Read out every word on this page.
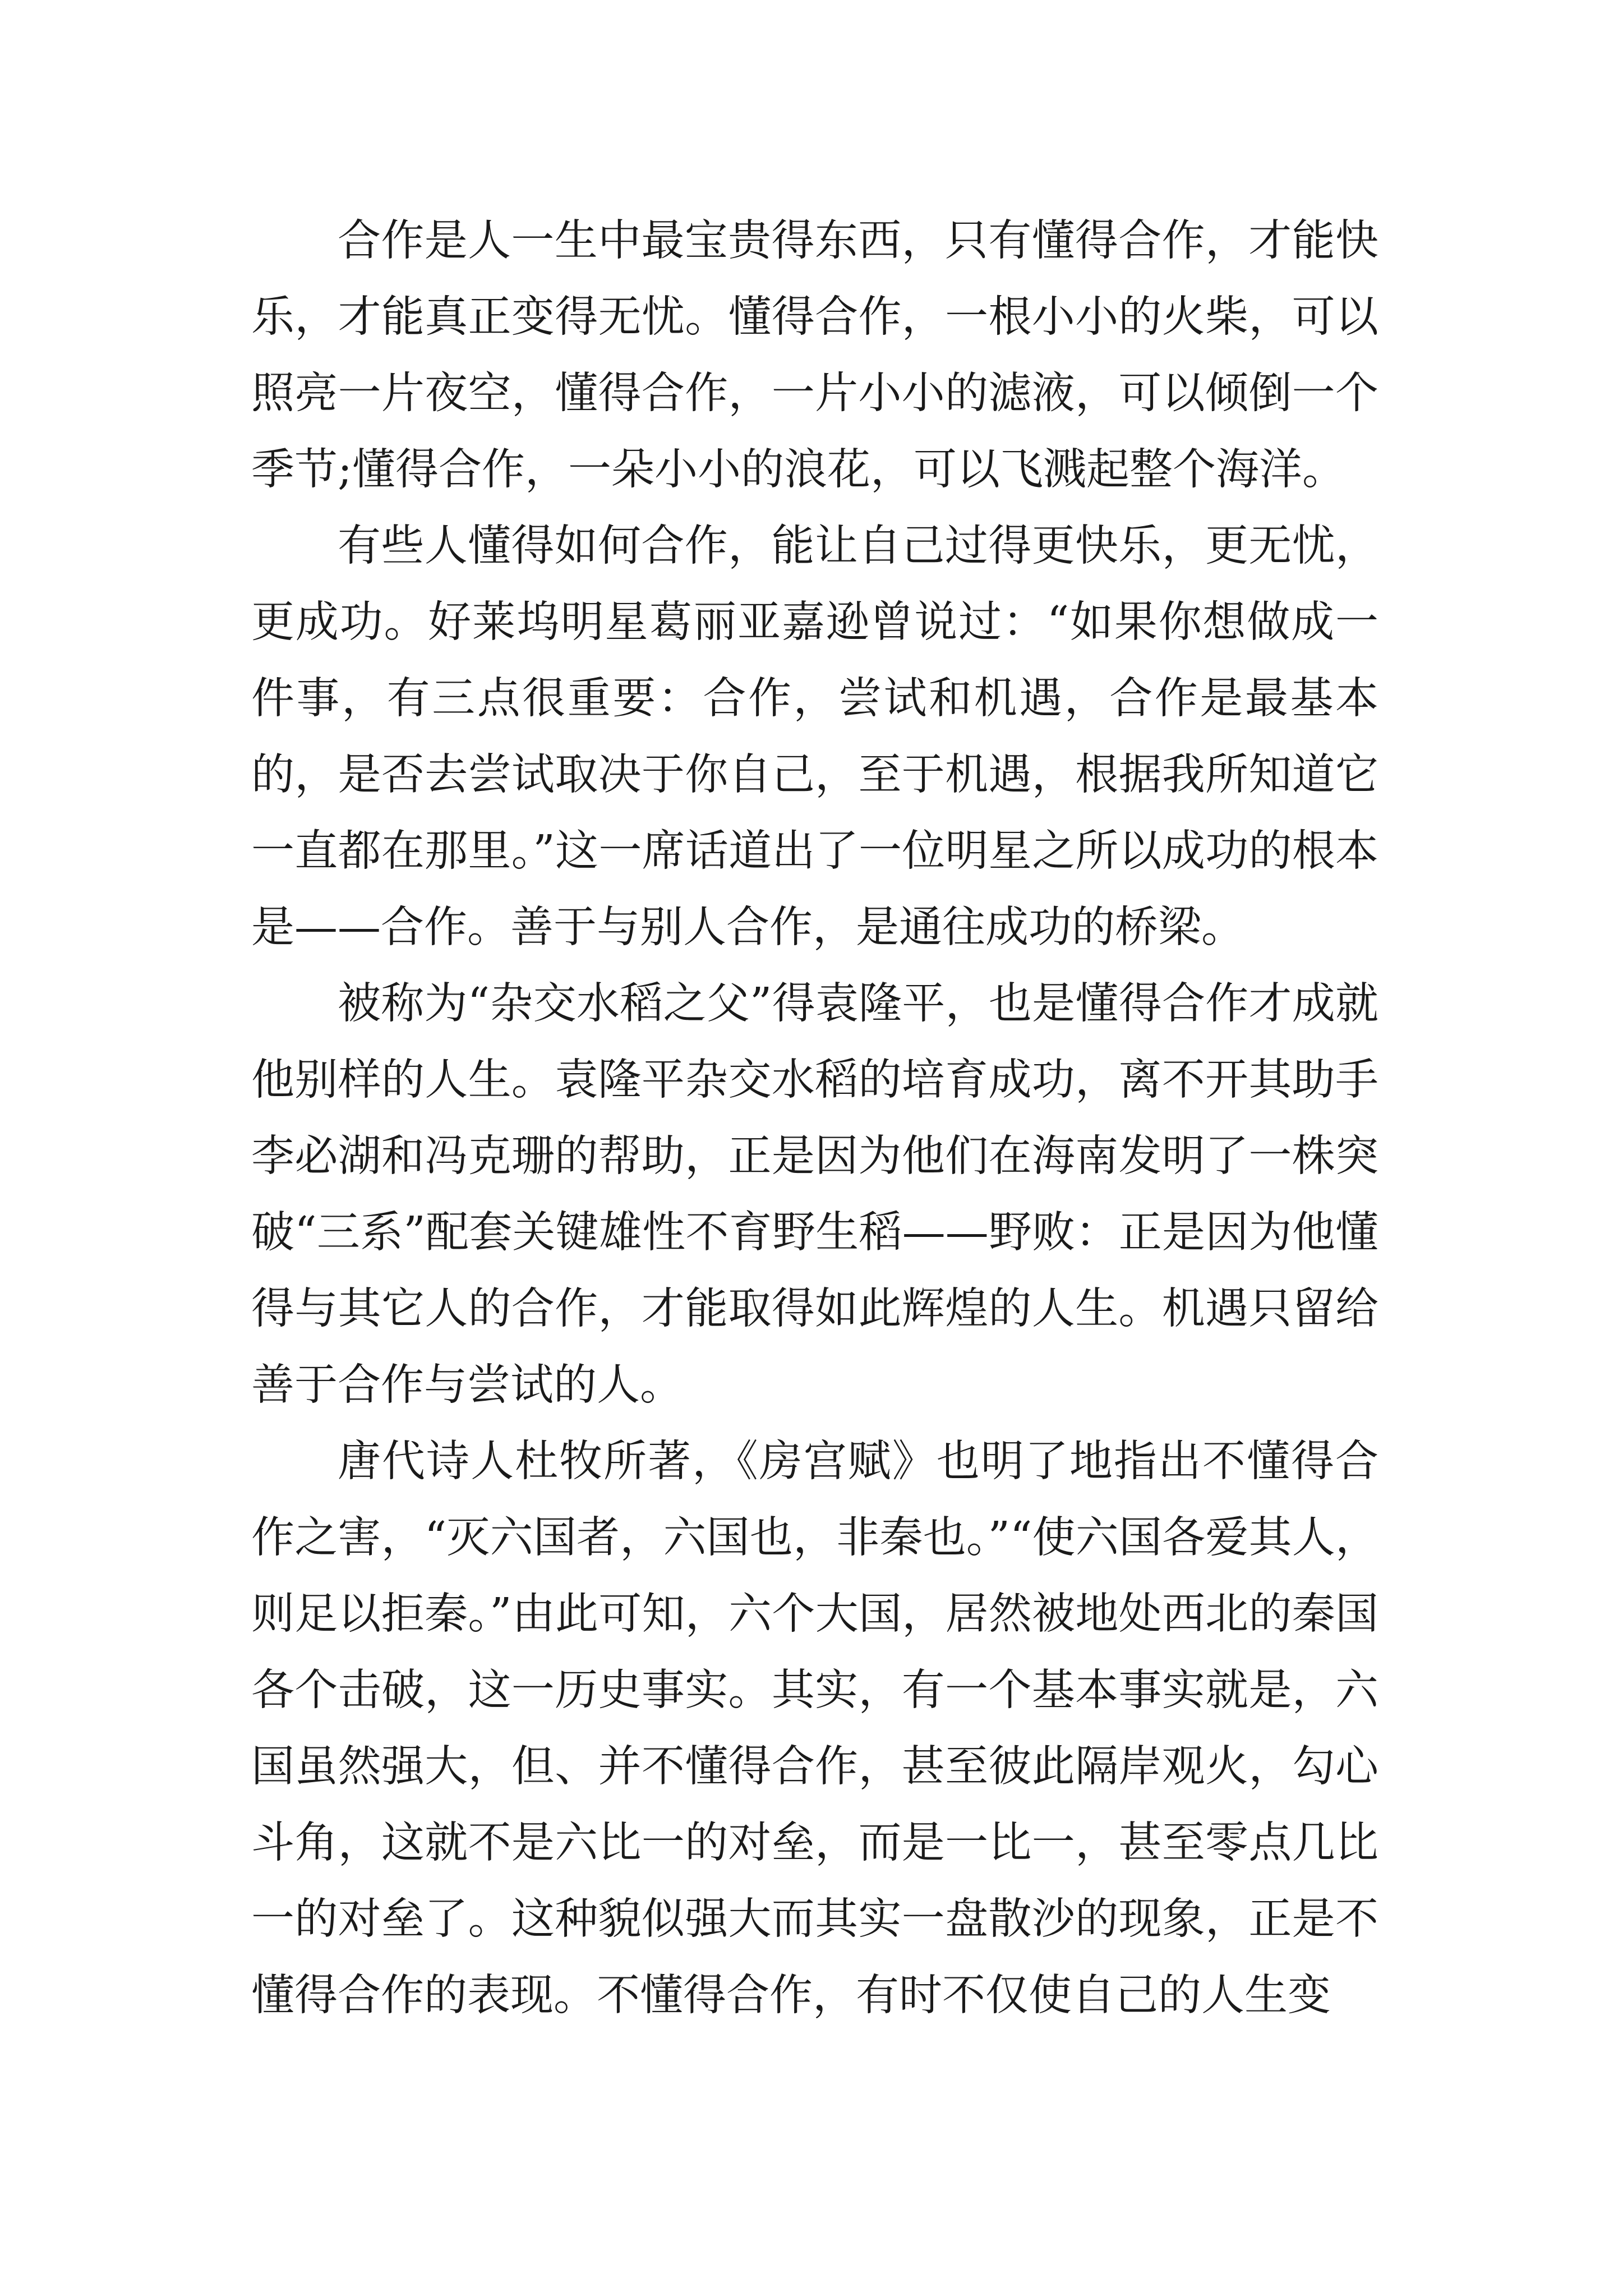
合作是人一生中最宝贵得东西，只有懂得合作，才能快乐，才能真正变得无忧。懂得合作，一根小小的火柴，可以照亮一片夜空，懂得合作，一片小小的滤液，可以倾倒一个季节;懂得合作，一朵小小的浪花，可以飞溅起整个海洋。

有些人懂得如何合作，能让自己过得更快乐，更无忧，更成功。好莱坞明星葛丽亚嘉逊曾说过：“如果你想做成一件事，有三点很重要：合作，尝试和机遇，合作是最基本的，是否去尝试取决于你自己，至于机遇，根据我所知道它一直都在那里。”这一席话道出了一位明星之所以成功的根本是——合作。善于与别人合作，是通往成功的桥梁。

被称为“杂交水稻之父”得袁隆平，也是懂得合作才成就他别样的人生。袁隆平杂交水稻的培育成功，离不开其助手李必湖和冯克珊的帮助，正是因为他们在海南发明了一株突破“三系”配套关键雄性不育野生稻——野败：正是因为他懂得与其它人的合作，才能取得如此辉煌的人生。机遇只留给善于合作与尝试的人。

唐代诗人杜牧所著，《房宫赋》也明了地指出不懂得合作之害，“灭六国者，六国也，非秦也。”“使六国各爱其人，则足以拒秦。”由此可知，六个大国，居然被地处西北的秦国各个击破，这一历史事实。其实，有一个基本事实就是，六国虽然强大，但、并不懂得合作，甚至彼此隔岸观火，勾心斗角，这就不是六比一的对垒，而是一比一，甚至零点几比一的对垒了。这种貌似强大而其实一盘散沙的现象，正是不懂得合作的表现。不懂得合作，有时不仅使自己的人生变
